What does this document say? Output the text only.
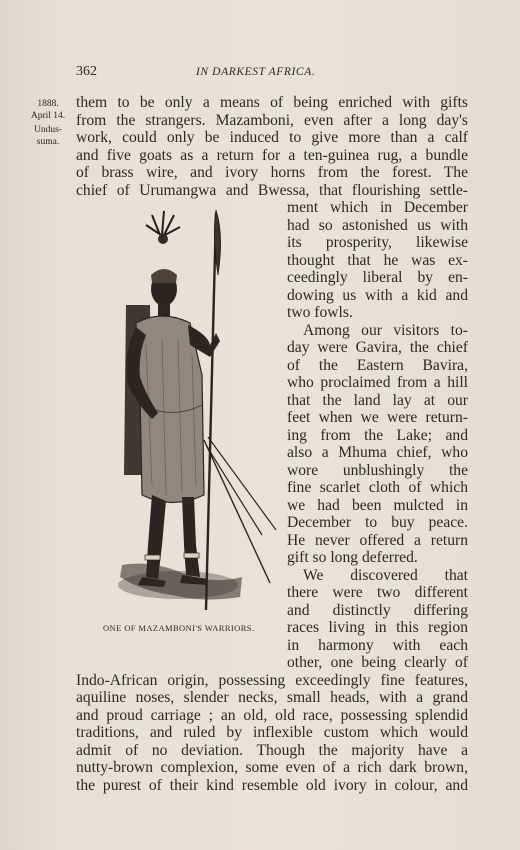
362	IN DARKEST AFRICA.
1888.
April 14.
Undus-
suma.
them to be only a means of being enriched with gifts
from the strangers. Mazamboni, even after a long day's
work, could only be induced to give more than a calf
and five goats as a return for a ten-guinea rug, a bundle
of brass wire, and ivory horns from the forest. The
chief of Urumangwa and Bwessa, that flourishing settle-
ment which in December
had so astonished us with
its prosperity, likewise
thought that he was ex-
ceedingly liberal by en-
dowing us with a kid and
two fowls.
Among our visitors to-
day were Gavira, the chief
of the Eastern Bavira,
who proclaimed from a hill
that the land lay at our
feet when we were return-
ing from the Lake; and
also a Mhuma chief, who
wore unblushingly the
fine scarlet cloth of which
we had been mulcted in
December to buy peace.
He never offered a return
gift so long deferred.
We discovered that
there were two different
and distinctly differing
races living in this region
in harmony with each
other, one being clearly of
Indo-African origin, possessing exceedingly fine features,
aquiline noses, slender necks, small heads, with a grand
and proud carriage ; an old, old race, possessing splendid
traditions, and ruled by inflexible custom which would
admit of no deviation. Though the majority have a
nutty-brown complexion, some even of a rich dark brown,
the purest of their kind resemble old ivory in colour, and
ONE OF MAZAMBONI'S WARRIORS.
